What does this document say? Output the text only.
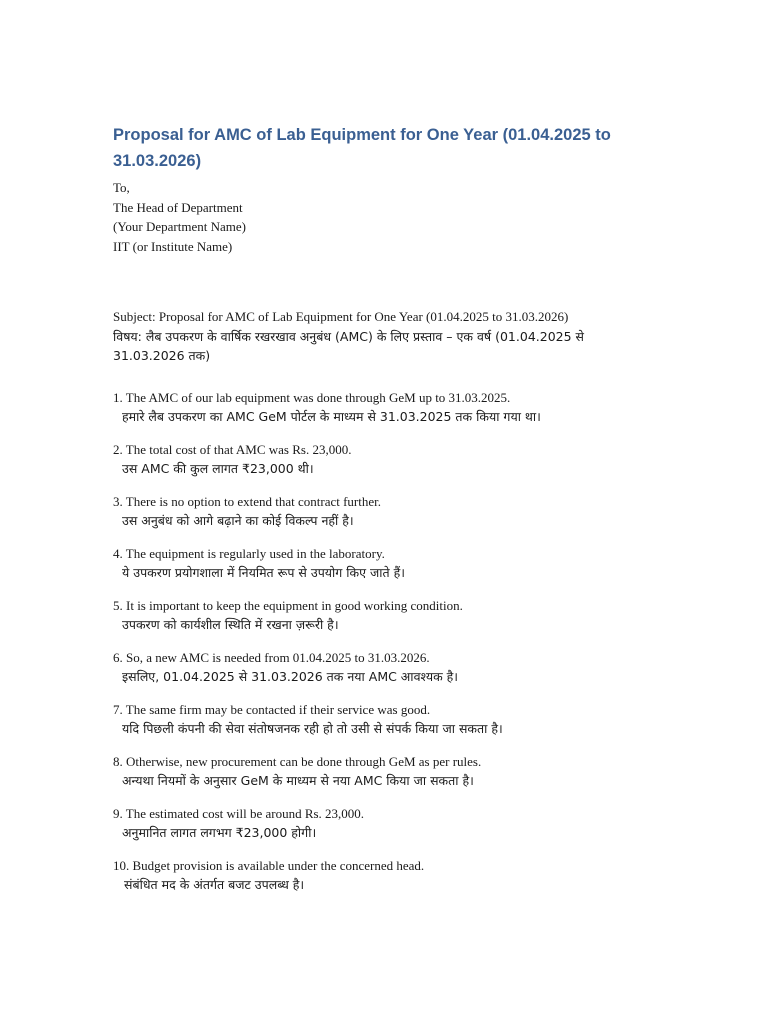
Proposal for AMC of Lab Equipment for One Year (01.04.2025 to 31.03.2026)
To,
The Head of Department
(Your Department Name)
IIT (or Institute Name)
Subject: Proposal for AMC of Lab Equipment for One Year (01.04.2025 to 31.03.2026)
विषय: लैब उपकरण के वार्षिक रखरखाव अनुबंध (AMC) के लिए प्रस्ताव – एक वर्ष (01.04.2025 से 31.03.2026 तक)
1. The AMC of our lab equipment was done through GeM up to 31.03.2025.
हमारे लैब उपकरण का AMC GeM पोर्टल के माध्यम से 31.03.2025 तक किया गया था।
2. The total cost of that AMC was Rs. 23,000.
उस AMC की कुल लागत ₹23,000 थी।
3. There is no option to extend that contract further.
उस अनुबंध को आगे बढ़ाने का कोई विकल्प नहीं है।
4. The equipment is regularly used in the laboratory.
ये उपकरण प्रयोगशाला में नियमित रूप से उपयोग किए जाते हैं।
5. It is important to keep the equipment in good working condition.
उपकरण को कार्यशील स्थिति में रखना ज़रूरी है।
6. So, a new AMC is needed from 01.04.2025 to 31.03.2026.
इसलिए, 01.04.2025 से 31.03.2026 तक नया AMC आवश्यक है।
7. The same firm may be contacted if their service was good.
यदि पिछली कंपनी की सेवा संतोषजनक रही हो तो उसी से संपर्क किया जा सकता है।
8. Otherwise, new procurement can be done through GeM as per rules.
अन्यथा नियमों के अनुसार GeM के माध्यम से नया AMC किया जा सकता है।
9. The estimated cost will be around Rs. 23,000.
अनुमानित लागत लगभग ₹23,000 होगी।
10. Budget provision is available under the concerned head.
संबंधित मद के अंतर्गत बजट उपलब्ध है।
